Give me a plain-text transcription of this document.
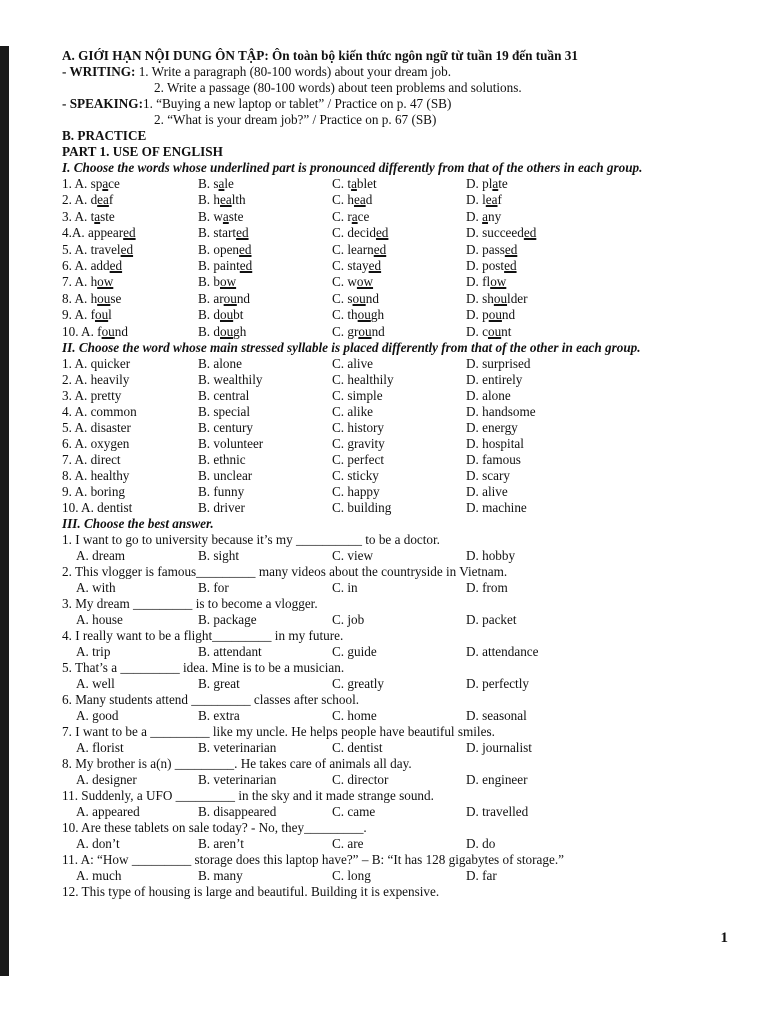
A. GIỚI HẠN NỘI DUNG ÔN TẬP: Ôn toàn bộ kiến thức ngôn ngữ từ tuần 19 đến tuần 31
- WRITING: 1. Write a paragraph (80-100 words) about your dream job.
2. Write a passage (80-100 words) about teen problems and solutions.
- SPEAKING:1. “Buying a new laptop or tablet” / Practice on p. 47 (SB)
2. “What is your dream job?” / Practice on p. 67 (SB)
B. PRACTICE
PART 1. USE OF ENGLISH
I. Choose the words whose underlined part is pronounced differently from that of the others in each group.
1. A. space	B. sale	C. tablet	D. plate
2. A. deaf	B. health	C. head	D. leaf
3. A. taste	B. waste	C. race	D. any
4.A. appeared	B. started	C. decided	D. succeeded
5. A. traveled	B. opened	C. learned	D. passed
6. A. added	B. painted	C. stayed	D. posted
7. A. how	B. bow	C. wow	D. flow
8. A. house	B. around	C. sound	D. shoulder
9. A. foul	B. doubt	C. though	D. pound
10. A. found	B. dough	C. ground	D. count
II. Choose the word whose main stressed syllable is placed differently from that of the other in each group.
1. A. quicker	B. alone	C. alive	D. surprised
2. A. heavily	B. wealthily	C. healthily	D. entirely
3. A. pretty	B. central	C. simple	D. alone
4. A. common	B. special	C. alike	D. handsome
5. A. disaster	B. century	C. history	D. energy
6. A. oxygen	B. volunteer	C. gravity	D. hospital
7. A. direct	B. ethnic	C. perfect	D. famous
8. A. healthy	B. unclear	C. sticky	D. scary
9. A. boring	B. funny	C. happy	D. alive
10. A. dentist	B. driver	C. building	D. machine
III. Choose the best answer.
1. I want to go to university because it’s my __________ to be a doctor.
A. dream	B. sight	C. view	D. hobby
2. This vlogger is famous_________ many videos about the countryside in Vietnam.
A. with	B. for	C. in	D. from
3. My dream _________ is to become a vlogger.
A. house	B. package	C. job	D. packet
4. I really want to be a flight_________ in my future.
A. trip	B. attendant	C. guide	D. attendance
5. That’s a _________ idea. Mine is to be a musician.
A. well	B. great	C. greatly	D. perfectly
6. Many students attend _________ classes after school.
A. good	B. extra	C. home	D. seasonal
7. I want to be a _________ like my uncle. He helps people have beautiful smiles.
A. florist	B. veterinarian	C. dentist	D. journalist
8. My brother is a(n) _________. He takes care of animals all day.
A. designer	B. veterinarian	C. director	D. engineer
11. Suddenly, a UFO _________ in the sky and it made strange sound.
A. appeared	B. disappeared	C. came	D. travelled
10. Are these tablets on sale today? - No, they_________.
A. don’t	B. aren’t	C. are	D. do
11. A: “How _________ storage does this laptop have?” – B: “It has 128 gigabytes of storage.”
A. much	B. many	C. long	D. far
12. This type of housing is large and beautiful. Building it is expensive.
1
